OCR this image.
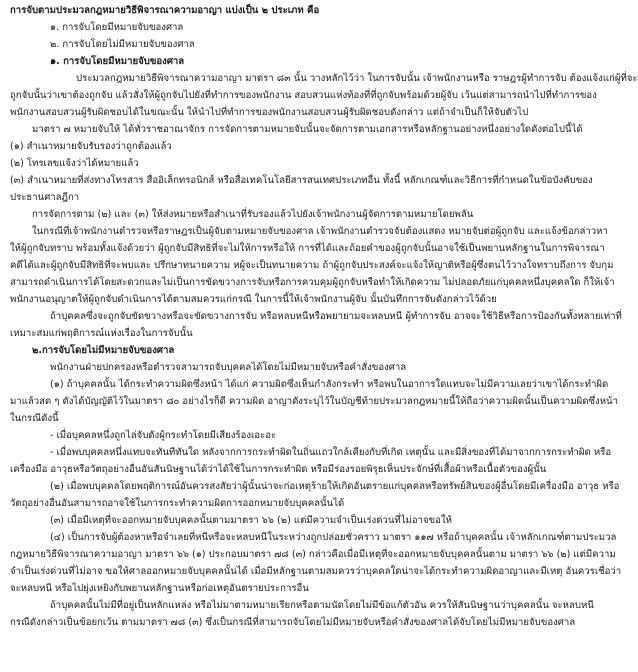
การจับตามประมวลกฎหมายวิธีพิจารณาความอาญา แบ่งเป็น ๒ ประเภท คือ

๑. การจับโดยมีหมายจับของศาล

๒. การจับโดยไม่มีหมายจับของศาล

๑. การจับโดยมีหมายจับของศาล

ประมวลกฎหมายวิธีพิจารณาความอาญา มาตรา ๘๓ นั้น วางหลักไว้ว่า ในการจับนั้น เจ้าพนักงานหรือ ราษฎรผู้ทำการจับ ต้องแจ้งแก่ผู้ที่จะ

ถูกจับนั้นว่าเขาต้องถูกจับ แล้วสั่งให้ผู้ถูกจับไปยังที่ทำการของพนักงาน สอบสวนแห่งท้องที่ที่ถูกจับพร้อมด้วยผู้จับ เว้นแต่สามารถนำไปที่ทำการของ

พนักงานสอบสวนผู้รับผิดชอบได้ในขณะนั้น ให้นำไปที่ทำการของพนักงานสอบสวนผู้รับผิดชอบดังกล่าว แต่ถ้าจำเป็นก็ให้จับตัวไป

มาตรา ๗ หมายจับให้ ได้ทั่วราชอาณาจักร การจัดการตามหมายจับนั้นจะจัดการตามเอกสารหรือหลักฐานอย่างหนึ่งอย่างใดดังต่อไปนี้ได้

(๑) สำเนาหมายจับรับรองว่าถูกต้องแล้ว

(๒) โทรเลขแจ้งว่าได้หมายแล้ว

(๓) สำเนาหมายที่ส่งทางโทรสาร สื่ออิเล็กทรอนิกส์ หรือสื่อเทคโนโลยีสารสนเทศประเภทอื่น ทั้งนี้ หลักเกณฑ์และวิธีการที่กำหนดในข้อบังคับของ

ประธานศาลฎีกา

การจัดการตาม (๒) และ (๓) ให้ส่งหมายหรือสำเนาที่รับรองแล้วไปยังเจ้าพนักงานผู้จัดการตามหมายโดยพลัน

ในกรณีที่เจ้าพนักงานตำรวจหรือราษฎรเป็นผู้จับตามหมายจับของศาล เจ้าพนักงานตำรวจจับต้องแสดง หมายจับต่อผู้ถูกจับ และแจ้งข้อกล่าวหา

ให้ผู้ถูกจับทราบ พร้อมทั้งแจ้งด้วยว่า ผู้ถูกจับมีสิทธิที่จะไม่ให้การหรือให้ การที่ได้และถ้อยคำของผู้ถูกจับนั้นอาจใช้เป็นพยานหลักฐานในการพิจารณา

คดีได้และผู้ถูกจับมีสิทธิที่จะพบและ ปรึกษาทนายความ หผู้จะเป็นทนายความ ถ้าผู้ถูกจับประสงค์จะแจ้งให้ญาติหรือผู้ซึ่งตนไว้วางใจทราบถึงการ จับกุม

สามารถดำเนินการได้โดยสะดวกและไม่เป็นการขัดขวางการจับหรือการควบคุมผู้ถูกจับหรือทำให้เกิดความ ไม่ปลอดภัยแก่บุคคลหนึ่งบุคคลใด ก็ให้เจ้า

พนักงานอนุญาตให้ผู้ถูกจับดำเนินการได้ตามสมควรแก่กรณี ในการนี้ให้เจ้าพนักงานผู้จับ นั้นบันทึกการจับดังกล่าวไว้ด้วย

ถ้าบุคคลซึ่งจะถูกจับขัดขวางหรือจะขัดขวางการจับ หรือหลบหนีหรือพยายามจะหลบหนี ผู้ทำการจับ อาจจะใช้วิธีหรือการป้องกันทั้งหลายเท่าที่

เหมาะสมแก่พฤติการณ์แห่งเรื่องในการจับนั้น

๒.การจับโดยไม่มีหมายจับของศาล

พนักงานฝ่ายปกครองหรือตำรวจสามารถจับบุคคลได้โดยไม่มีหมายจับหรือคำสั่งของศาล

(๑) ถ้าบุคคลนั้น ได้กระทำความผิดซึ่งหน้า ได้แก่ ความผิดซึ่งเห็นกำลังกระทำ หรือพบในอาการใดแทบจะไม่มีความเลยว่าเขาได้กระทำผิด

มาแล้วสด ๆ ดังได้บัญญัติไว้ในมาตรา ๘๐ อย่างไรก็ดี ความผิด อาญาดังระบุไว้ในบัญชีท้ายประมวลกฎหมายนี้ให้ถือว่าความผิดนั้นเป็นความผิดซึ่งหน้า

ในกรณีดังนี้

- เมื่อบุคคลหนึ่งถูกไล่จับดังผู้กระทำโดยมีเสียงร้องเอะอะ

- เมื่อพบบุคคลหนึ่งแทบจะทันทีทันใด หลังจากการกระทำผิดในถิ่นแถวใกล้เคียงกับที่เกิด เหตุนั้น และมีสิ่งของที่ได้มาจากการกระทำผิด หรือ

เครื่องมือ อาวุธหรือวัตถุอย่างอื่นอันสันนิษฐานได้ว่าได้ใช้ในการกระทำผิด หรือมีร่องรอยพิรุธเห็นประจักษ์ที่เสื้อผ้าหรือเนื้อตัวของผู้นั้น

(๒) เมื่อพบบุคคลโดยพฤติการณ์อันควรสงสัยว่าผู้นั้นน่าจะก่อเหตุร้ายให้เกิดอันตรายแก่บุคคลหรือทรัพย์สินของผู้อื่นโดยมีเครื่องมือ อาวุธ หรือ

วัตถุอย่างอื่นอันสามารถอาจใช้ในการกระทำความผิดการออกหมายจับบุคคลนั้นได้

(๓) เมื่อมีเหตุที่จะออกหมายจับบุคคลนั้นตามมาตรา ๖๖ (๒) แต่มีความจำเป็นเร่งด่วนที่ไม่อาจขอให้

(๔) เป็นการจับผู้ต้องหาหรือจำเลยที่หนีหรือจะหลบหนีในระหว่างถูกปล่อยชั่วคราว มาตรา ๑๑๗ หรือถ้าบุคคลนั้น เจ้าหลักเกณฑ์ตามประมวล

กฎหมายวิธีพิจารณาความอาญา มาตรา ๖๖ (๑) ประกอบมาตรา ๗๘ (๓) กล่าวคือเมื่อมีเหตุที่จะออกหมายจับบุคคลนั้นตาม มาตรา ๖๖ (๒) แต่มีความ

จำเป็นเร่งด่วนที่ไม่อาจ ขอให้ศาลออกหมายจับบุคคลนั้นได้ เมื่อมีหลักฐานตามสมควรว่าบุคคลใดน่าจะได้กระทำความผิดอาญาและมีเหตุ อันควรเชื่อว่า

จะหลบหนี หรือไปยุ่งเหยิงกับพยานหลักฐานหรือก่อเหตุอันตรายประการอื่น

ถ้าบุคคลนั้นไม่มีที่อยู่เป็นหลักแหล่ง หรือไม่มาตามหมายเรียกหรือตามนัดโดยไม่มีข้อแก้ตัวอัน ควรให้สันนิษฐานว่าบุคคลนั้น จะหลบหนี

กรณีดังกล่าวเป็นข้อยกเว้น ตามมาตรา ๗๘ (๓) ซึ่งเป็นกรณีที่สามารถจับโดยไม่มีหมายจับหรือคำสั่งของศาลได้จับโดยไม่มีหมายจับของศาล
